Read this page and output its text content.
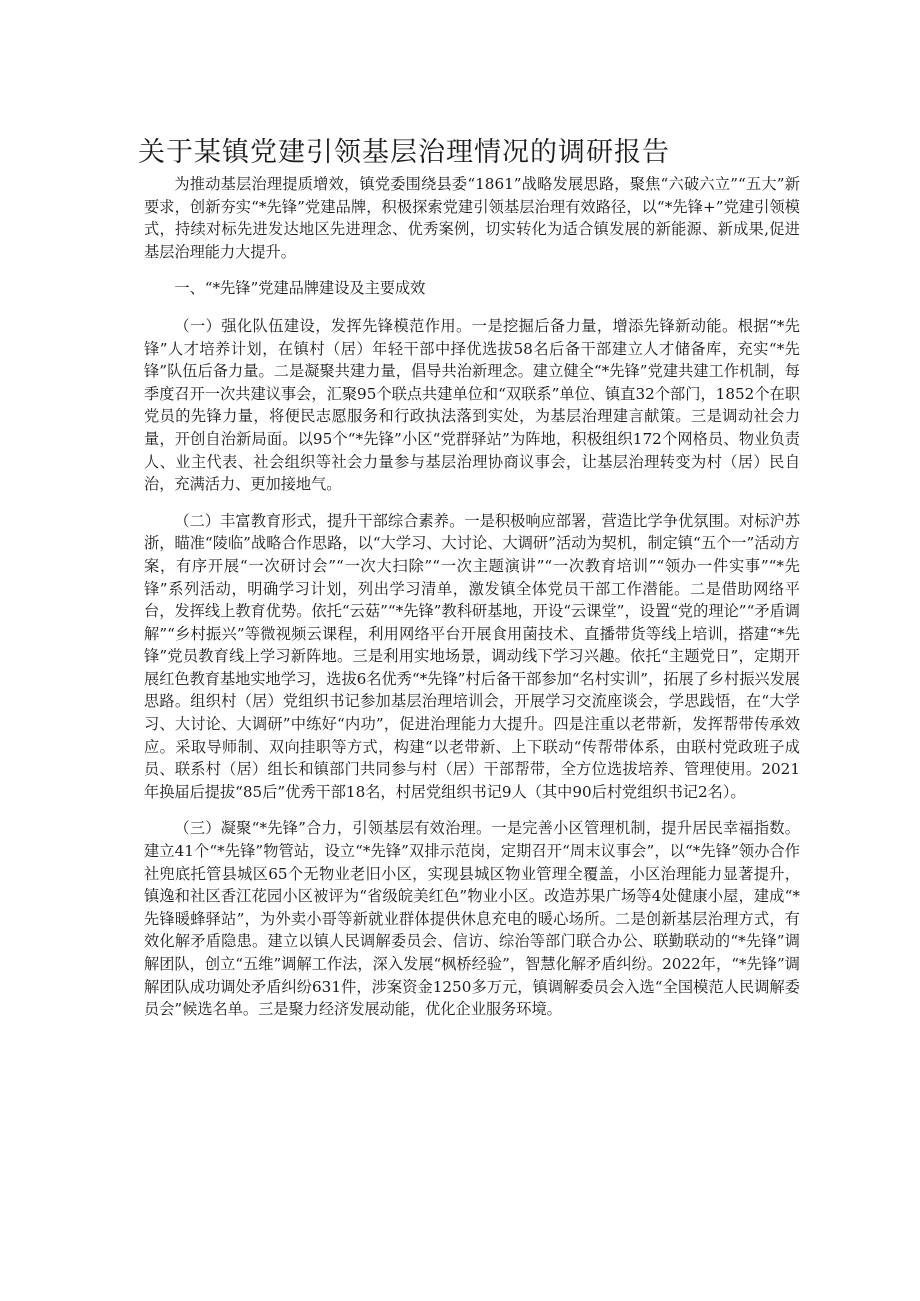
关于某镇党建引领基层治理情况的调研报告

为推动基层治理提质增效，镇党委围绕县委“1861”战略发展思路，聚焦“六破六立”“五大”新要求，创新夯实“*先锋”党建品牌，积极探索党建引领基层治理有效路径，以“*先锋+”党建引领模式，持续对标先进发达地区先进理念、优秀案例，切实转化为适合镇发展的新能源、新成果,促进基层治理能力大提升。

一、“*先锋”党建品牌建设及主要成效

（一）强化队伍建设，发挥先锋模范作用。一是挖掘后备力量，增添先锋新动能。根据“*先锋”人才培养计划，在镇村（居）年轻干部中择优选拔58名后备干部建立人才储备库，充实“*先锋”队伍后备力量。二是凝聚共建力量，倡导共治新理念。建立健全“*先锋”党建共建工作机制，每季度召开一次共建议事会，汇聚95个联点共建单位和“双联系”单位、镇直32个部门，1852个在职党员的先锋力量，将便民志愿服务和行政执法落到实处，为基层治理建言献策。三是调动社会力量，开创自治新局面。以95个“*先锋”小区“党群驿站”为阵地，积极组织172个网格员、物业负责人、业主代表、社会组织等社会力量参与基层治理协商议事会，让基层治理转变为村（居）民自治，充满活力、更加接地气。

（二）丰富教育形式，提升干部综合素养。一是积极响应部署，营造比学争优氛围。对标沪苏浙，瞄准“陵临”战略合作思路，以“大学习、大讨论、大调研”活动为契机，制定镇“五个一”活动方案，有序开展“一次研讨会”“一次大扫除”“一次主题演讲”“一次教育培训”“领办一件实事”“*先锋”系列活动，明确学习计划，列出学习清单，激发镇全体党员干部工作潜能。二是借助网络平台，发挥线上教育优势。依托“云菇”“*先锋”教科研基地，开设“云课堂”，设置“党的理论”“矛盾调解”“乡村振兴”等微视频云课程，利用网络平台开展食用菌技术、直播带货等线上培训，搭建“*先锋”党员教育线上学习新阵地。三是利用实地场景，调动线下学习兴趣。依托“主题党日”，定期开展红色教育基地实地学习，选拔6名优秀“*先锋”村后备干部参加“名村实训”，拓展了乡村振兴发展思路。组织村（居）党组织书记参加基层治理培训会，开展学习交流座谈会，学思践悟，在“大学习、大讨论、大调研”中练好“内功”，促进治理能力大提升。四是注重以老带新，发挥帮带传承效应。采取导师制、双向挂职等方式，构建“以老带新、上下联动“传帮带体系，由联村党政班子成员、联系村（居）组长和镇部门共同参与村（居）干部帮带，全方位选拔培养、管理使用。2021年换届后提拔“85后”优秀干部18名，村居党组织书记9人（其中90后村党组织书记2名）。

（三）凝聚“*先锋”合力，引领基层有效治理。一是完善小区管理机制，提升居民幸福指数。建立41个“*先锋”物管站，设立“*先锋”双排示范岗，定期召开“周末议事会”，以“*先锋”领办合作社兜底托管县城区65个无物业老旧小区，实现县城区物业管理全覆盖，小区治理能力显著提升，镇逸和社区香江花园小区被评为“省级皖美红色”物业小区。改造苏果广场等4处健康小屋，建成“*先锋暖蜂驿站”，为外卖小哥等新就业群体提供休息充电的暖心场所。二是创新基层治理方式，有效化解矛盾隐患。建立以镇人民调解委员会、信访、综治等部门联合办公、联勤联动的“*先锋”调解团队，创立“五维”调解工作法，深入发展“枫桥经验”，智慧化解矛盾纠纷。2022年，“*先锋”调解团队成功调处矛盾纠纷631件，涉案资金1250多万元，镇调解委员会入选“全国模范人民调解委员会”候选名单。三是聚力经济发展动能，优化企业服务环境。
